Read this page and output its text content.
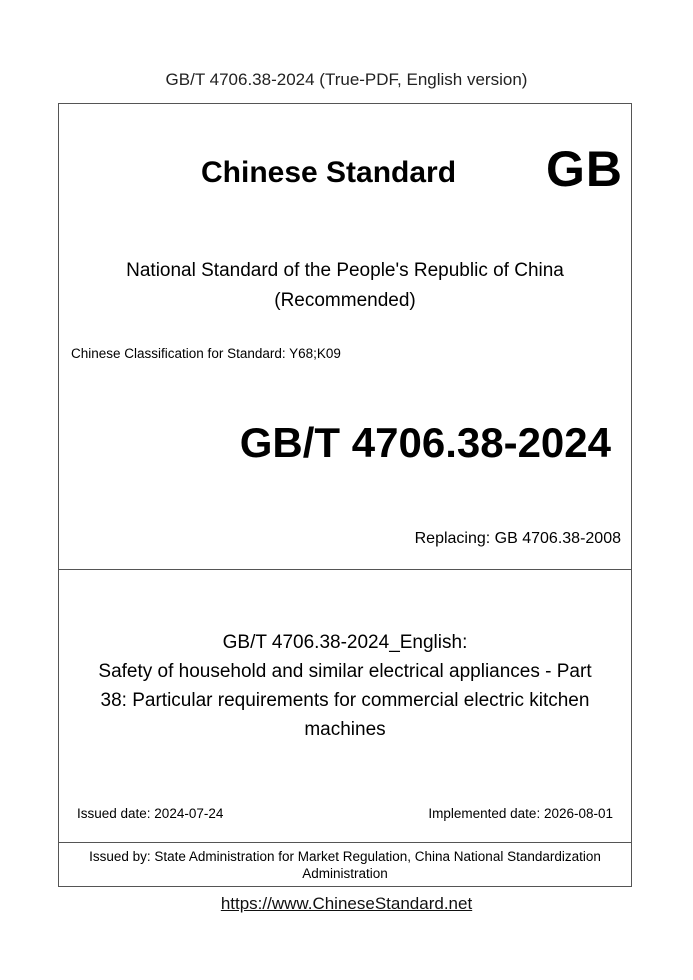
GB/T 4706.38-2024 (True-PDF, English version)
Chinese Standard GB
National Standard of the People's Republic of China
(Recommended)
Chinese Classification for Standard: Y68;K09
GB/T 4706.38-2024
Replacing: GB 4706.38-2008
GB/T 4706.38-2024_English:
Safety of household and similar electrical appliances - Part
38: Particular requirements for commercial electric kitchen
machines
Issued date: 2024-07-24	Implemented date: 2026-08-01
Issued by: State Administration for Market Regulation, China National Standardization
Administration
https://www.ChineseStandard.net
